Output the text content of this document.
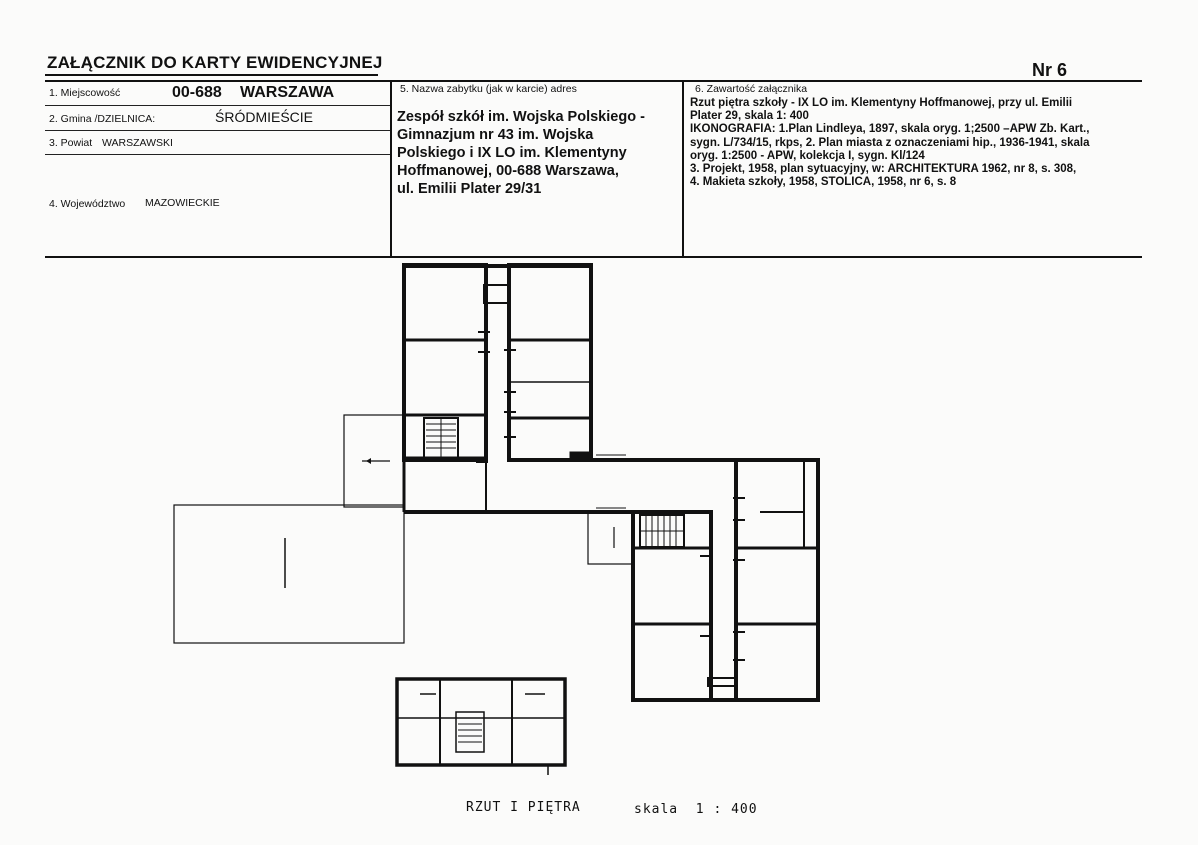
ZAŁĄCZNIK DO KARTY EWIDENCYJNEJ	Nr 6
1. Miejscowość	00-688 WARSZAWA
2. Gmina /DZIELNICA:	ŚRÓDMIEŚCIE
3. Powiat WARSZAWSKI
4. Województwo MAZOWIECKIE
5. Nazwa zabytku (jak w karcie) adres
Zespół szkół im. Wojska Polskiego -
Gimnazjum nr 43 im. Wojska
Polskiego i IX LO im. Klementyny
Hoffmanowej, 00-688 Warszawa,
ul. Emilii Plater 29/31
6. Zawartość załącznika
Rzut piętra szkoły - IX LO im. Klementyny Hoffmanowej, przy ul. Emilii
Plater 29, skala 1: 400
IKONOGRAFIA: 1.Plan Lindleya, 1897, skala oryg. 1;2500 –APW Zb. Kart.,
sygn. L/734/15, rkps, 2. Plan miasta z oznaczeniami hip., 1936-1941, skala
oryg. 1:2500 - APW, kolekcja I, sygn. Kl/124
3. Projekt, 1958, plan sytuacyjny, w: ARCHITEKTURA 1962, nr 8, s. 308,
4. Makieta szkoły, 1958, STOLICA, 1958, nr 6, s. 8
RZUT I PIĘTRA	skala  1 : 400
